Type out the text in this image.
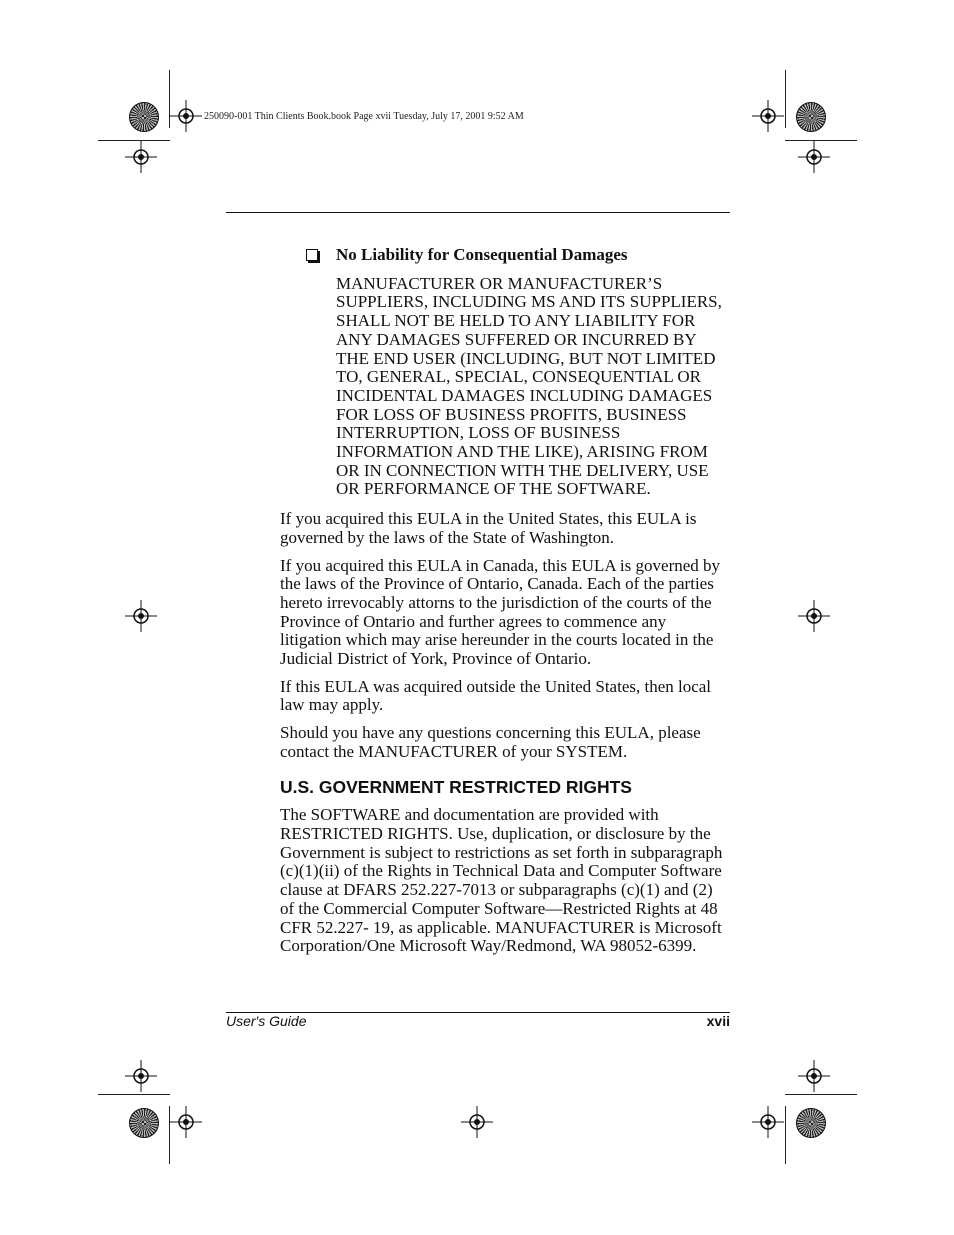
250090-001 Thin Clients Book.book Page xvii Tuesday, July 17, 2001 9:52 AM
No Liability for Consequential Damages

MANUFACTURER OR MANUFACTURER’S SUPPLIERS, INCLUDING MS AND ITS SUPPLIERS, SHALL NOT BE HELD TO ANY LIABILITY FOR ANY DAMAGES SUFFERED OR INCURRED BY THE END USER (INCLUDING, BUT NOT LIMITED TO, GENERAL, SPECIAL, CONSEQUENTIAL OR INCIDENTAL DAMAGES INCLUDING DAMAGES FOR LOSS OF BUSINESS PROFITS, BUSINESS INTERRUPTION, LOSS OF BUSINESS INFORMATION AND THE LIKE), ARISING FROM OR IN CONNECTION WITH THE DELIVERY, USE OR PERFORMANCE OF THE SOFTWARE.

If you acquired this EULA in the United States, this EULA is governed by the laws of the State of Washington.

If you acquired this EULA in Canada, this EULA is governed by the laws of the Province of Ontario, Canada. Each of the parties hereto irrevocably attorns to the jurisdiction of the courts of the Province of Ontario and further agrees to commence any litigation which may arise hereunder in the courts located in the Judicial District of York, Province of Ontario.

If this EULA was acquired outside the United States, then local law may apply.

Should you have any questions concerning this EULA, please contact the MANUFACTURER of your SYSTEM.

U.S. GOVERNMENT RESTRICTED RIGHTS

The SOFTWARE and documentation are provided with RESTRICTED RIGHTS. Use, duplication, or disclosure by the Government is subject to restrictions as set forth in subparagraph (c)(1)(ii) of the Rights in Technical Data and Computer Software clause at DFARS 252.227-7013 or subparagraphs (c)(1) and (2) of the Commercial Computer Software—Restricted Rights at 48 CFR 52.227- 19, as applicable. MANUFACTURER is Microsoft Corporation/One Microsoft Way/Redmond, WA 98052-6399.

User's Guide	xvii
